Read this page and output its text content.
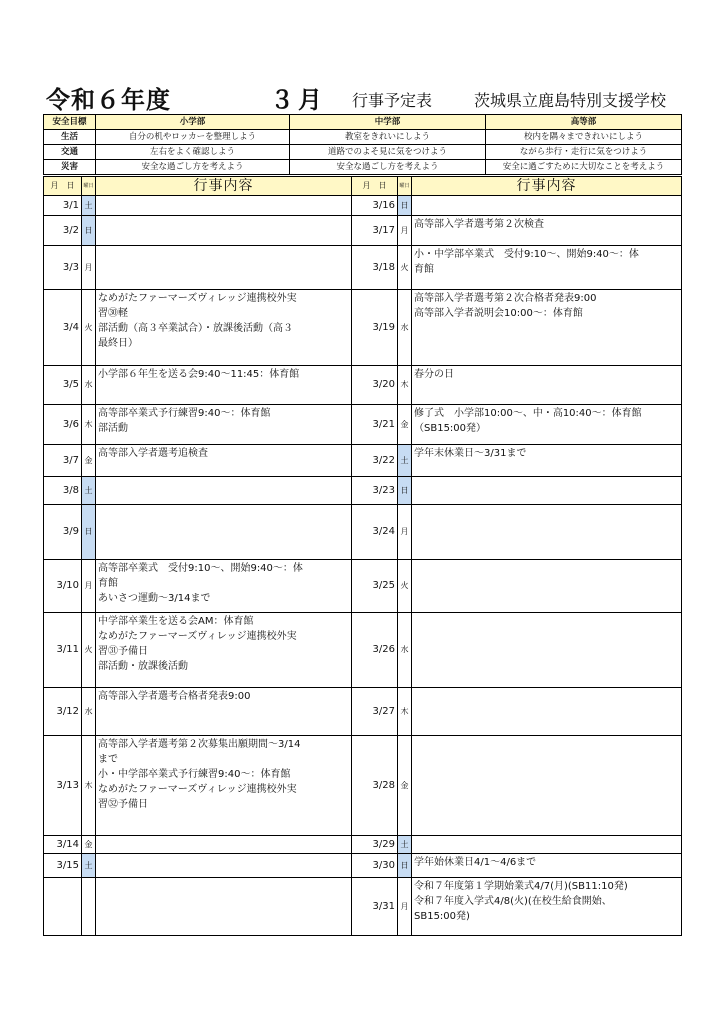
令和６年度	３月 行事予定表	茨城県立鹿島特別支援学校
安全目標	小学部	中学部	高等部
生活	自分の机やロッカーを整理しよう	教室をきれいにしよう	校内を隅々まできれいにしよう
交通	左右をよく確認しよう	道路でのよそ見に気をつけよう	ながら歩行・走行に気をつけよう
災害	安全な過ごし方を考えよう	安全な過ごし方を考えよう	安全に過ごすために大切なことを考えよう
月　日	曜日	行事内容	月　日	曜日	行事内容
3/1	土		3/16	日	
3/2	日		3/17	月	高等部入学者選考第２次検査
3/3	月		3/18	火	小・中学部卒業式　受付9:10～、開始9:40～：体
育館
3/4	火	なめがたファーマーズヴィレッジ連携校外実
習㉚軽
部活動（高３卒業試合）・放課後活動（高３
最終日）	3/19	水	高等部入学者選考第２次合格者発表9:00
高等部入学者説明会10:00～：体育館
3/5	水	小学部６年生を送る会9:40～11:45：体育館	3/20	木	春分の日
3/6	木	高等部卒業式予行練習9:40～：体育館
部活動	3/21	金	修了式　小学部10:00～、中・高10:40～：体育館
（SB15:00発）
3/7	金	高等部入学者選考追検査	3/22	土	学年末休業日～3/31まで
3/8	土		3/23	日	
3/9	日		3/24	月	
3/10	月	高等部卒業式　受付9:10～、開始9:40～：体
育館
あいさつ運動～3/14まで	3/25	火	
3/11	火	中学部卒業生を送る会AM：体育館
なめがたファーマーズヴィレッジ連携校外実
習㉛予備日
部活動・放課後活動	3/26	水	
3/12	水	高等部入学者選考合格者発表9:00	3/27	木	
3/13	木	高等部入学者選考第２次募集出願期間～3/14
まで
小・中学部卒業式予行練習9:40～：体育館
なめがたファーマーズヴィレッジ連携校外実
習㉜予備日	3/28	金	
3/14	金		3/29	土	
3/15	土		3/30	日	学年始休業日4/1～4/6まで
			3/31	月	令和７年度第１学期始業式4/7(月)(SB11:10発)
令和７年度入学式4/8(火)(在校生給食開始、
SB15:00発)
